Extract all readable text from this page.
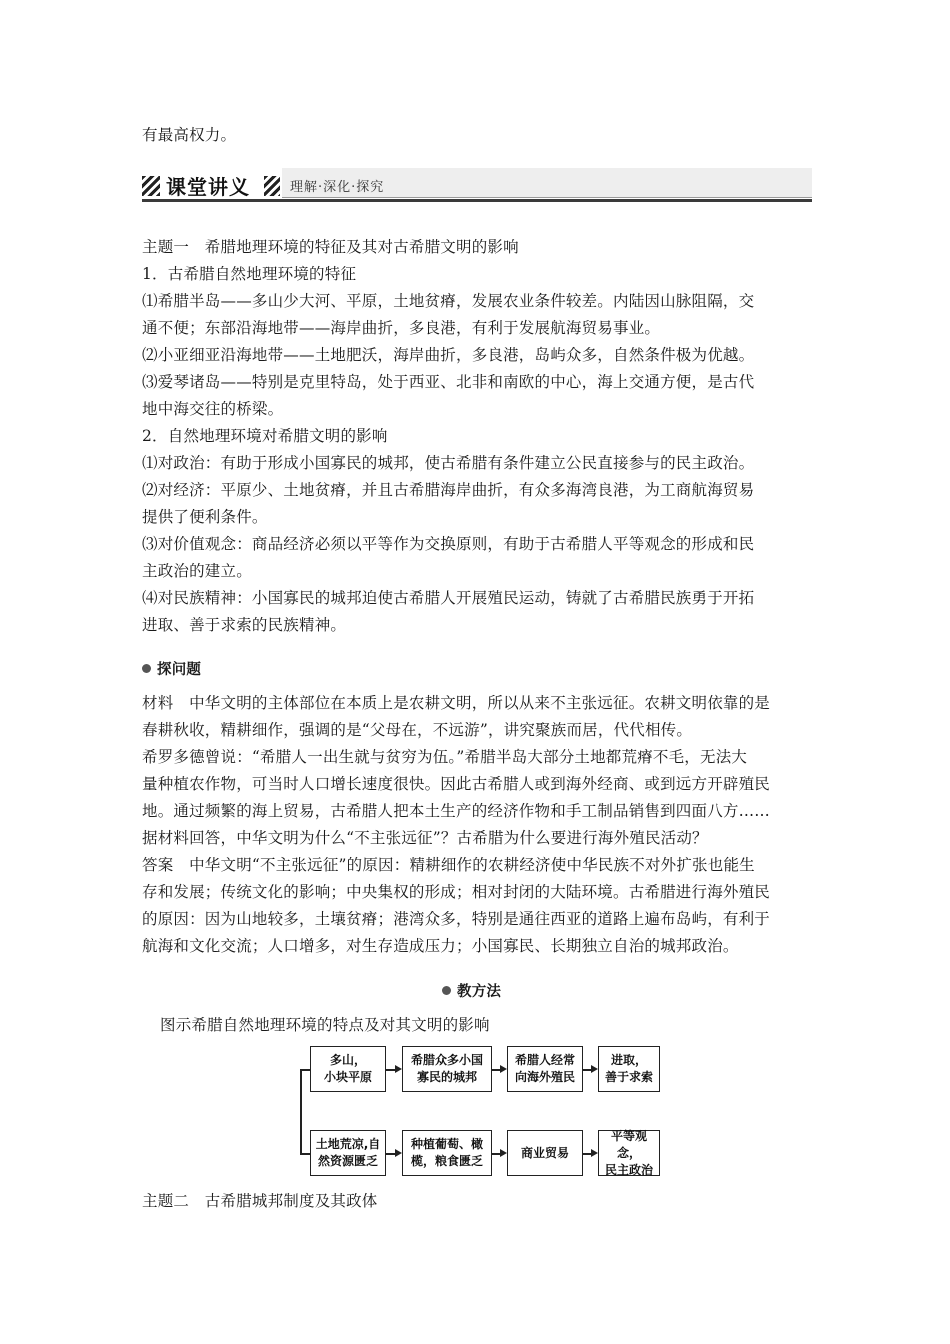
有最高权力。
课堂讲义	理解·深化·探究
主题一　希腊地理环境的特征及其对古希腊文明的影响
1．古希腊自然地理环境的特征
⑴希腊半岛——多山少大河、平原，土地贫瘠，发展农业条件较差。内陆因山脉阻隔，交
通不便；东部沿海地带——海岸曲折，多良港，有利于发展航海贸易事业。
⑵小亚细亚沿海地带——土地肥沃，海岸曲折，多良港，岛屿众多，自然条件极为优越。
⑶爱琴诸岛——特别是克里特岛，处于西亚、北非和南欧的中心，海上交通方便，是古代
地中海交往的桥梁。
2．自然地理环境对希腊文明的影响
⑴对政治：有助于形成小国寡民的城邦，使古希腊有条件建立公民直接参与的民主政治。
⑵对经济：平原少、土地贫瘠，并且古希腊海岸曲折，有众多海湾良港，为工商航海贸易
提供了便利条件。
⑶对价值观念：商品经济必须以平等作为交换原则，有助于古希腊人平等观念的形成和民
主政治的建立。
⑷对民族精神：小国寡民的城邦迫使古希腊人开展殖民运动，铸就了古希腊民族勇于开拓
进取、善于求索的民族精神。
探问题
材料　中华文明的主体部位在本质上是农耕文明，所以从来不主张远征。农耕文明依靠的是
春耕秋收，精耕细作，强调的是“父母在，不远游”，讲究聚族而居，代代相传。
希罗多德曾说：“希腊人一出生就与贫穷为伍。”希腊半岛大部分土地都荒瘠不毛，无法大
量种植农作物，可当时人口增长速度很快。因此古希腊人或到海外经商、或到远方开辟殖民
地。通过频繁的海上贸易，古希腊人把本土生产的经济作物和手工制品销售到四面八方……
据材料回答，中华文明为什么“不主张远征”？古希腊为什么要进行海外殖民活动？
答案　中华文明“不主张远征”的原因：精耕细作的农耕经济使中华民族不对外扩张也能生
存和发展；传统文化的影响；中央集权的形成；相对封闭的大陆环境。古希腊进行海外殖民
的原因：因为山地较多，土壤贫瘠；港湾众多，特别是通往西亚的道路上遍布岛屿，有利于
航海和文化交流；人口增多，对生存造成压力；小国寡民、长期独立自治的城邦政治。
教方法
图示希腊自然地理环境的特点及对其文明的影响
多山，
小块平原
希腊众多小国
寡民的城邦
希腊人经常
向海外殖民
进取，
善于求索
土地荒凉,自
然资源匮乏
种植葡萄、橄
榄，粮食匮乏
商业贸易
平等观念，
民主政治
主题二　古希腊城邦制度及其政体
